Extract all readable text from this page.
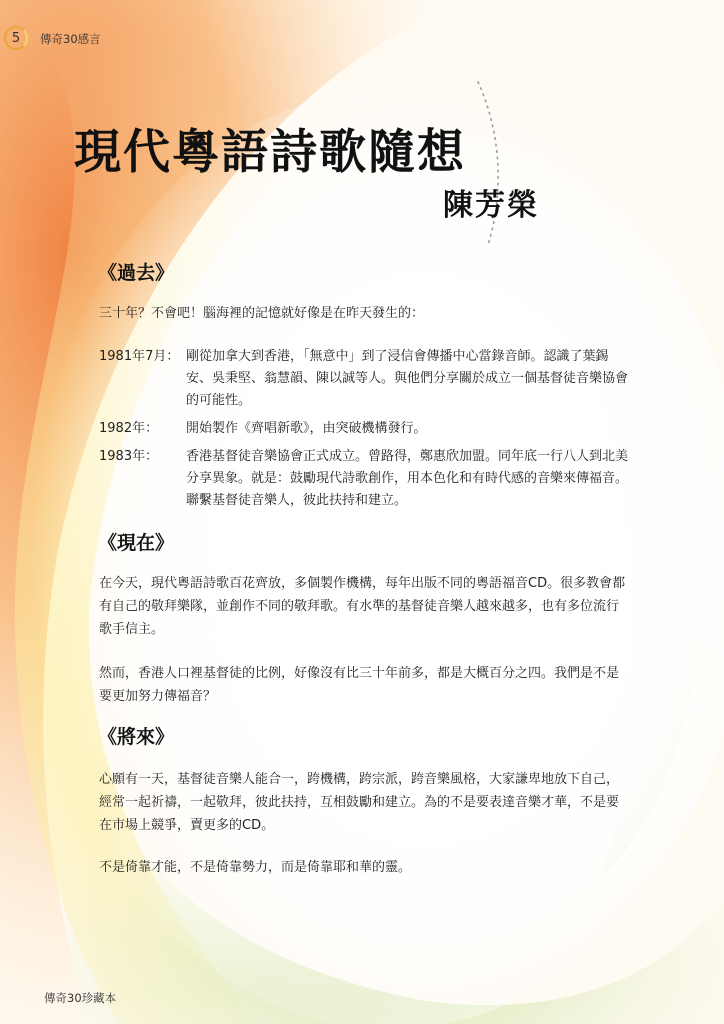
5 傳奇30感言
現代粵語詩歌隨想
陳芳榮
《過去》

三十年？不會吧！腦海裡的記憶就好像是在昨天發生的：

1981年7月： 剛從加拿大到香港，「無意中」到了浸信會傳播中心當錄音師。認識了葉錫安、吳秉堅、翁慧韻、陳以誠等人。與他們分享關於成立一個基督徒音樂協會的可能性。
1982年：	開始製作《齊唱新歌》，由突破機構發行。
1983年：	香港基督徒音樂協會正式成立。曾路得，鄭惠欣加盟。同年底一行八人到北美分享異象。就是：鼓勵現代詩歌創作，用本色化和有時代感的音樂來傳福音。聯繫基督徒音樂人，彼此扶持和建立。
《現在》

在今天，現代粵語詩歌百花齊放，多個製作機構，每年出版不同的粵語福音CD。很多教會都有自己的敬拜樂隊，並創作不同的敬拜歌。有水準的基督徒音樂人越來越多，也有多位流行歌手信主。

然而，香港人口裡基督徒的比例，好像沒有比三十年前多，都是大概百分之四。我們是不是要更加努力傳福音？

《將來》

心願有一天，基督徒音樂人能合一，跨機構，跨宗派，跨音樂風格，大家謙卑地放下自己，經常一起祈禱，一起敬拜，彼此扶持，互相鼓勵和建立。為的不是要表達音樂才華，不是要在市場上競爭，賣更多的CD。

不是倚靠才能，不是倚靠勢力，而是倚靠耶和華的靈。

傳奇30珍藏本
